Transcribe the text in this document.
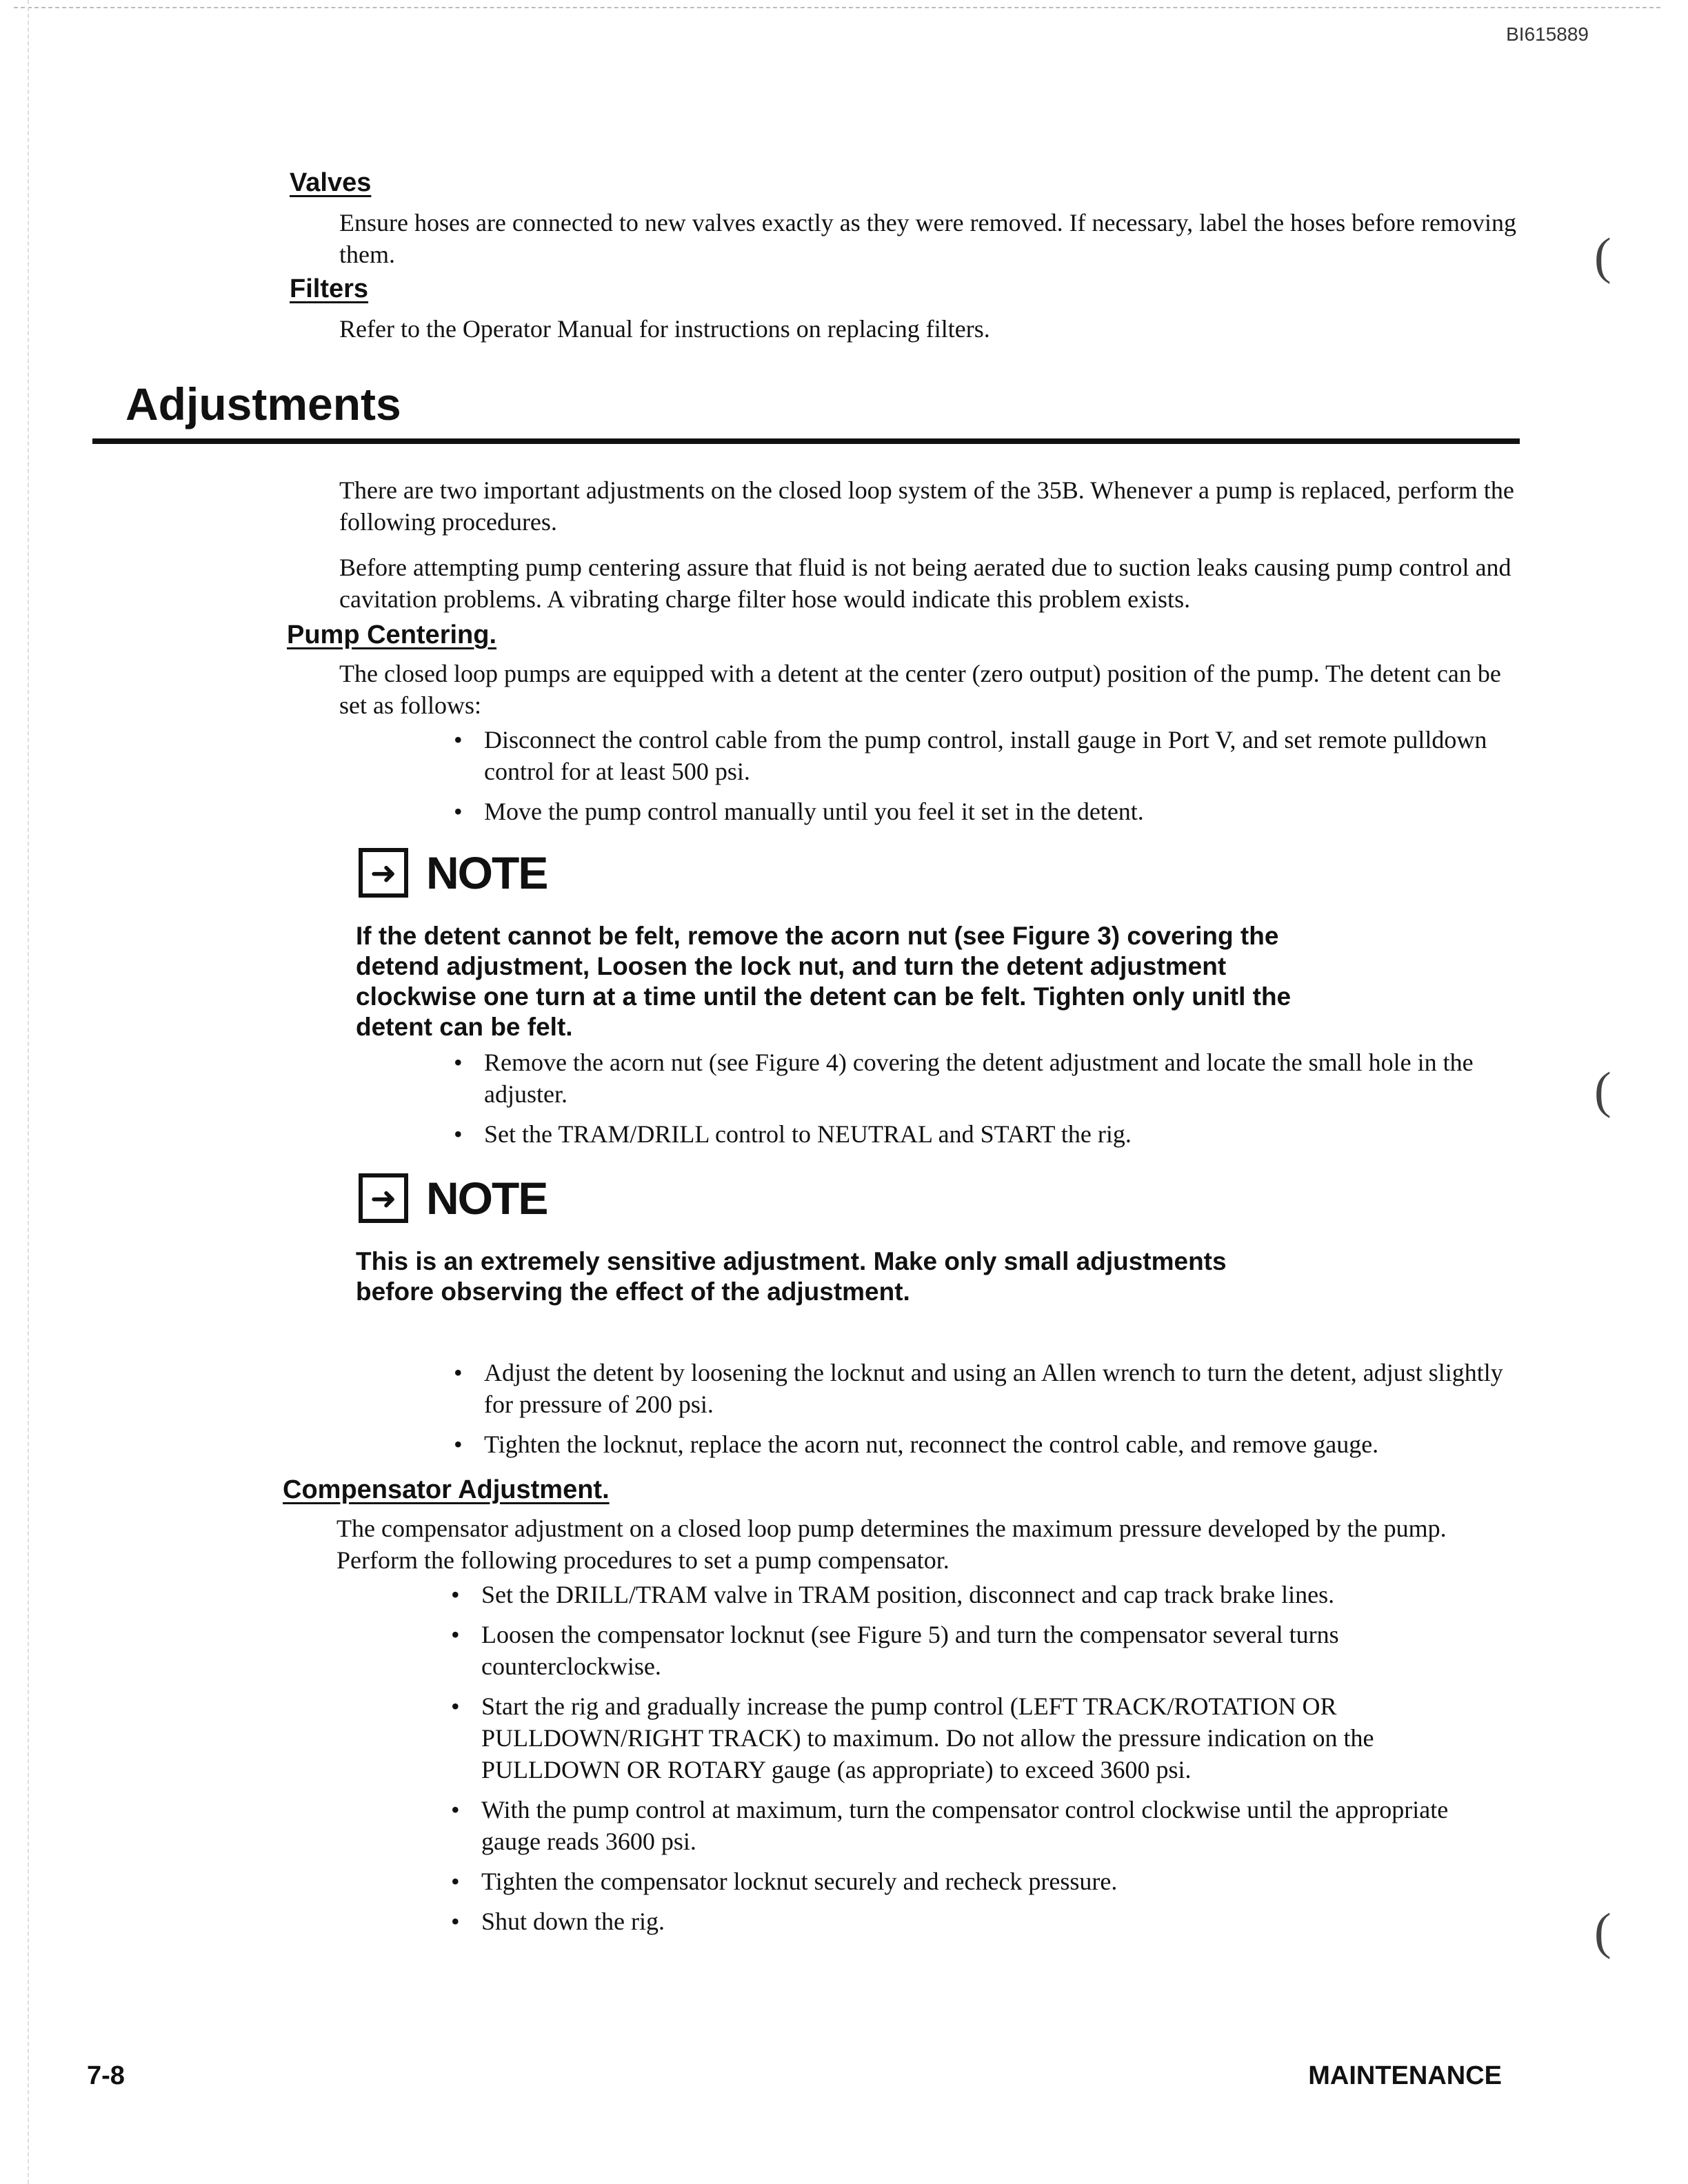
(
(
(
BI615889
Valves

Ensure hoses are connected to new valves exactly as they were removed. If necessary, label the hoses before removing them.

Filters

Refer to the Operator Manual for instructions on replacing filters.

Adjustments

There are two important adjustments on the closed loop system of the 35B. Whenever a pump is replaced, perform the following procedures.

Before attempting pump centering assure that fluid is not being aerated due to suction leaks causing pump control and cavitation problems. A vibrating charge filter hose would indicate this problem exists.

Pump Centering.

The closed loop pumps are equipped with a detent at the center (zero output) position of the pump. The detent can be set as follows:

• Disconnect the control cable from the pump control, install gauge in Port V, and set remote pulldown control for at least 500 psi.
• Move the pump control manually until you feel it set in the detent.
➜ NOTE

If the detent cannot be felt, remove the acorn nut (see Figure 3) covering the detend adjustment, Loosen the lock nut, and turn the detent adjustment clockwise one turn at a time until the detent can be felt. Tighten only unitl the detent can be felt.

• Remove the acorn nut (see Figure 4) covering the detent adjustment and locate the small hole in the adjuster.
• Set the TRAM/DRILL control to NEUTRAL and START the rig.
➜ NOTE

This is an extremely sensitive adjustment. Make only small adjustments before observing the effect of the adjustment.

• Adjust the detent by loosening the locknut and using an Allen wrench to turn the detent, adjust slightly for pressure of 200 psi.
• Tighten the locknut, replace the acorn nut, reconnect the control cable, and remove gauge.
Compensator Adjustment.

The compensator adjustment on a closed loop pump determines the maximum pressure developed by the pump. Perform the following procedures to set a pump compensator.

• Set the DRILL/TRAM valve in TRAM position, disconnect and cap track brake lines.
• Loosen the compensator locknut (see Figure 5) and turn the compensator several turns counterclockwise.
• Start the rig and gradually increase the pump control (LEFT TRACK/ROTATION OR PULLDOWN/RIGHT TRACK) to maximum. Do not allow the pressure indication on the PULLDOWN OR ROTARY gauge (as appropriate) to exceed 3600 psi.
• With the pump control at maximum, turn the compensator control clockwise until the appropriate gauge reads 3600 psi.
• Tighten the compensator locknut securely and recheck pressure.
• Shut down the rig.
7-8	MAINTENANCE
